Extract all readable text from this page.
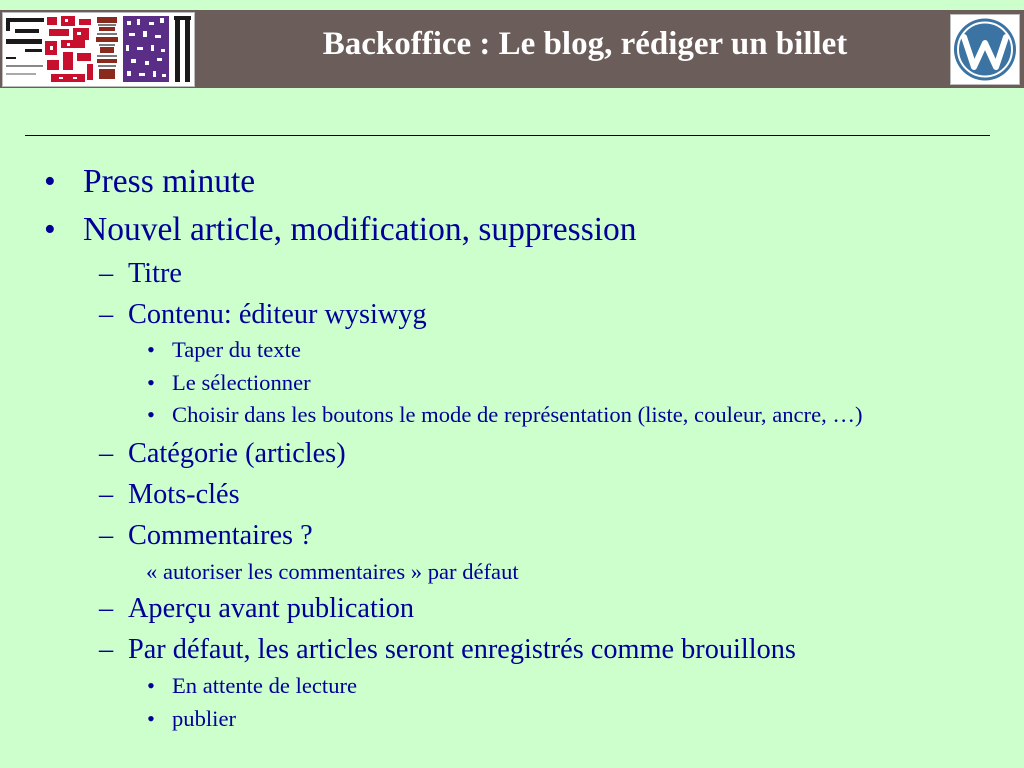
Backoffice : Le blog, rédiger un billet
•
Press minute
•
Nouvel article, modification, suppression
–
Titre
–
Contenu: éditeur wysiwyg
•
Taper du texte
•
Le sélectionner
•
Choisir dans les boutons le mode de représentation (liste, couleur, ancre, …)
–
Catégorie (articles)
–
Mots-clés
–
Commentaires ?
« autoriser les commentaires » par défaut
–
Aperçu avant publication
–
Par défaut, les articles seront enregistrés comme brouillons
•
En attente de lecture
•
publier
